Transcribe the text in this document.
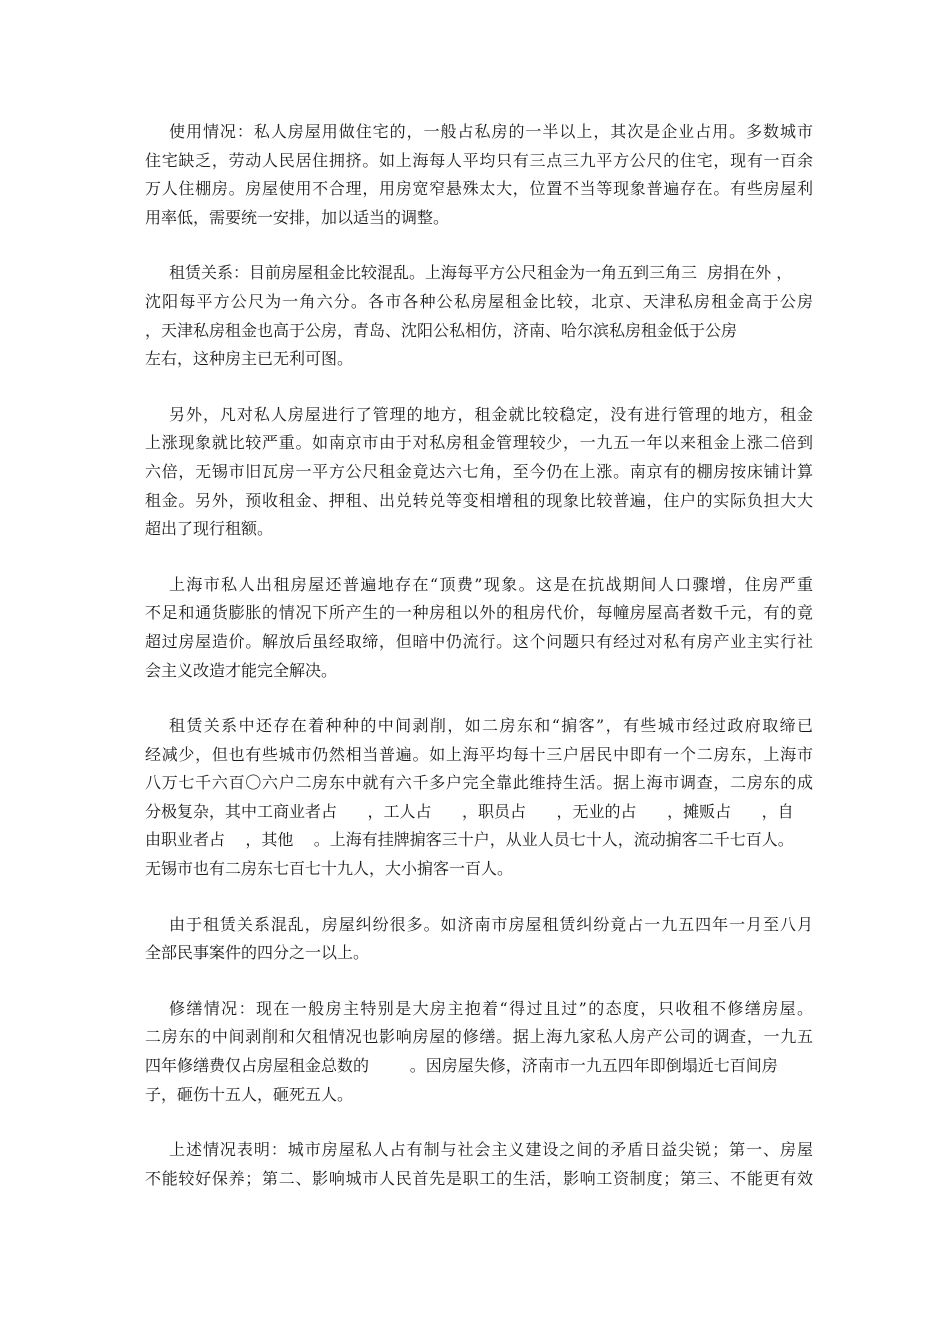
使用情况：私人房屋用做住宅的，一般占私房的一半以上，其次是企业占用。多数城市
住宅缺乏，劳动人民居住拥挤。如上海每人平均只有三点三九平方公尺的住宅，现有一百余
万人住棚房。房屋使用不合理，用房宽窄悬殊太大，位置不当等现象普遍存在。有些房屋利
用率低，需要统一安排，加以适当的调整。
租赁关系：目前房屋租金比较混乱。上海每平方公尺租金为一角五到三角三  房捐在外 ，
沈阳每平方公尺为一角六分。各市各种公私房屋租金比较，北京、天津私房租金高于公房
，天津私房租金也高于公房，青岛、沈阳公私相仿，济南、哈尔滨私房租金低于公房
左右，这种房主已无利可图。
另外，凡对私人房屋进行了管理的地方，租金就比较稳定，没有进行管理的地方，租金
上涨现象就比较严重。如南京市由于对私房租金管理较少，一九五一年以来租金上涨二倍到
六倍，无锡市旧瓦房一平方公尺租金竟达六七角，至今仍在上涨。南京有的棚房按床铺计算
租金。另外，预收租金、押租、出兑转兑等变相增租的现象比较普遍，住户的实际负担大大
超出了现行租额。
上海市私人出租房屋还普遍地存在“顶费”现象。这是在抗战期间人口骤增，住房严重
不足和通货膨胀的情况下所产生的一种房租以外的租房代价，每幢房屋高者数千元，有的竟
超过房屋造价。解放后虽经取缔，但暗中仍流行。这个问题只有经过对私有房产业主实行社
会主义改造才能完全解决。
租赁关系中还存在着种种的中间剥削，如二房东和“掮客”，有些城市经过政府取缔已
经减少，但也有些城市仍然相当普遍。如上海平均每十三户居民中即有一个二房东，上海市
八万七千六百〇六户二房东中就有六千多户完全靠此维持生活。据上海市调查，二房东的成
分极复杂，其中工商业者占      ，工人占      ，职员占      ，无业的占      ，摊贩占      ，自
由职业者占    ，其他    。上海有挂牌掮客三十户，从业人员七十人，流动掮客二千七百人。
无锡市也有二房东七百七十九人，大小掮客一百人。
由于租赁关系混乱，房屋纠纷很多。如济南市房屋租赁纠纷竟占一九五四年一月至八月
全部民事案件的四分之一以上。
修缮情况：现在一般房主特别是大房主抱着“得过且过”的态度，只收租不修缮房屋。
二房东的中间剥削和欠租情况也影响房屋的修缮。据上海九家私人房产公司的调查，一九五
四年修缮费仅占房屋租金总数的        。因房屋失修，济南市一九五四年即倒塌近七百间房
子，砸伤十五人，砸死五人。
上述情况表明：城市房屋私人占有制与社会主义建设之间的矛盾日益尖锐；第一、房屋
不能较好保养；第二、影响城市人民首先是职工的生活，影响工资制度；第三、不能更有效
